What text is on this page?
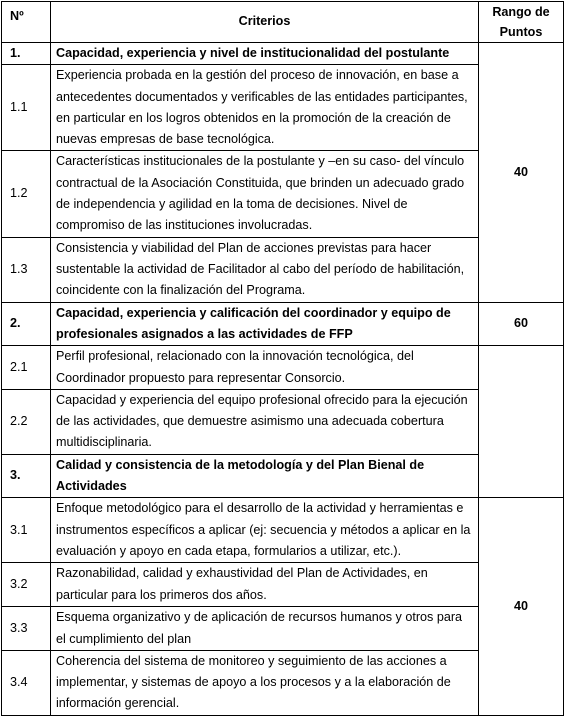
Nº	Criterios	Rango de Puntos
1.	Capacidad, experiencia y nivel de institucionalidad del postulante	40
1.1	Experiencia probada en la gestión del proceso de innovación, en base a antecedentes documentados y verificables de las entidades participantes, en particular en los logros obtenidos en la promoción de la creación de nuevas empresas de base tecnológica.	
1.2	Características institucionales de la postulante y –en su caso- del vínculo contractual de la Asociación Constituida, que brinden un adecuado grado de independencia y agilidad en la toma de decisiones. Nivel de compromiso de las instituciones involucradas.	
1.3	Consistencia y viabilidad del Plan de acciones previstas para hacer sustentable la actividad de Facilitador al cabo del período de habilitación, coincidente con la finalización del Programa.	
2.	Capacidad, experiencia y calificación del coordinador y equipo de profesionales asignados a las actividades de FFP	60
2.1	Perfil profesional, relacionado con la innovación tecnológica, del Coordinador propuesto para representar Consorcio.	
2.2	Capacidad y experiencia del equipo profesional ofrecido para la ejecución de las actividades, que demuestre asimismo una adecuada cobertura multidisciplinaria.	
3.	Calidad y consistencia de la metodología y del Plan Bienal de Actividades	
3.1	Enfoque metodológico para el desarrollo de la actividad y herramientas e instrumentos específicos a aplicar (ej: secuencia y métodos a aplicar en la evaluación y apoyo en cada etapa, formularios a utilizar, etc.).	40
3.2	Razonabilidad, calidad y exhaustividad del Plan de Actividades, en particular para los primeros dos años.	
3.3	Esquema organizativo y de aplicación de recursos humanos y otros para el cumplimiento del plan	
3.4	Coherencia del sistema de monitoreo y seguimiento de las acciones a implementar, y sistemas de apoyo a los procesos y a la elaboración de información gerencial.	
